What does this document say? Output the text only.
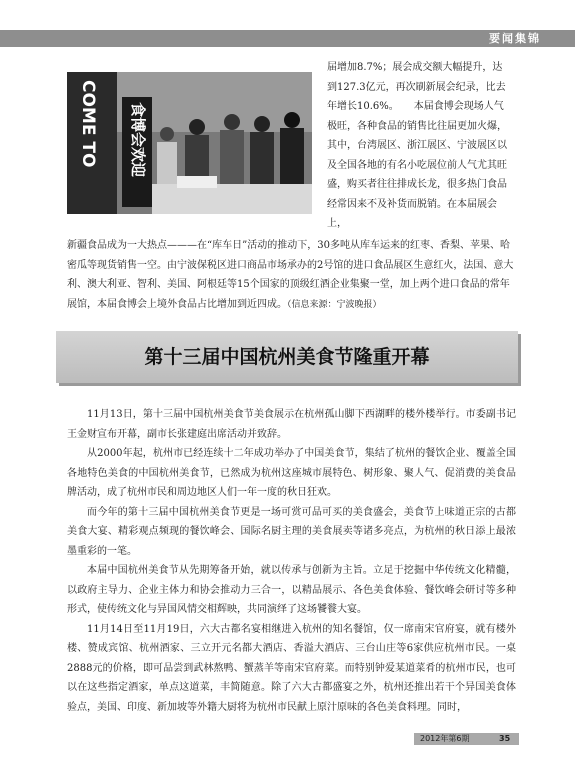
要闻集锦
COME TO 食博会欢迎

届增加8.7%；展会成交额大幅提升，达到127.3亿元，再次刷新展会纪录，比去年增长10.6%。　　本届食博会现场人气极旺，各种食品的销售比往届更加火爆，其中，台湾展区、浙江展区、宁波展区以及全国各地的有名小吃展位前人气尤其旺盛，购买者往往排成长龙，很多热门食品经常因来不及补货而脱销。在本届展会上，

新疆食品成为一大热点———在“库车日”活动的推动下，30多吨从库车运来的红枣、香梨、苹果、哈密瓜等现货销售一空。由宁波保税区进口商品市场承办的2号馆的进口食品展区生意红火，法国、意大利、澳大利亚、智利、美国、阿根廷等15个国家的顶级红酒企业集聚一堂，加上两个进口食品的常年展馆，本届食博会上境外食品占比增加到近四成。（信息来源：宁波晚报）

第十三届中国杭州美食节隆重开幕

11月13日，第十三届中国杭州美食节美食展示在杭州孤山脚下西湖畔的楼外楼举行。市委副书记王金财宣布开幕，副市长张建庭出席活动并致辞。

从2000年起，杭州市已经连续十二年成功举办了中国美食节，集结了杭州的餐饮企业、覆盖全国各地特色美食的中国杭州美食节，已然成为杭州这座城市展特色、树形象、聚人气、促消费的美食品牌活动，成了杭州市民和周边地区人们一年一度的秋日狂欢。

而今年的第十三届中国杭州美食节更是一场可赏可品可买的美食盛会，美食节上味道正宗的古都美食大宴、精彩观点频现的餐饮峰会、国际名厨主理的美食展卖等诸多亮点，为杭州的秋日添上最浓墨重彩的一笔。

本届中国杭州美食节从先期筹备开始，就以传承与创新为主旨。立足于挖掘中华传统文化精髓，以政府主导力、企业主体力和协会推动力三合一，以精品展示、各色美食体验、餐饮峰会研讨等多种形式，使传统文化与异国风情交相辉映，共同演绎了这场饕餮大宴。

11月14日至11月19日，六大古都名宴相继进入杭州的知名餐馆，仅一席南宋官府宴，就有楼外楼、赞成宾馆、杭州酒家、三立开元名都大酒店、香溢大酒店、三台山庄等6家供应杭州市民。一桌2888元的价格，即可品尝到武林熬鸭、蟹蒸羊等南宋官府菜。而特别钟爱某道菜肴的杭州市民，也可以在这些指定酒家，单点这道菜，丰简随意。除了六大古都盛宴之外，杭州还推出若干个异国美食体验点，美国、印度、新加坡等外籍大厨将为杭州市民献上原汁原味的各色美食料理。同时，

2012年第6期	35
